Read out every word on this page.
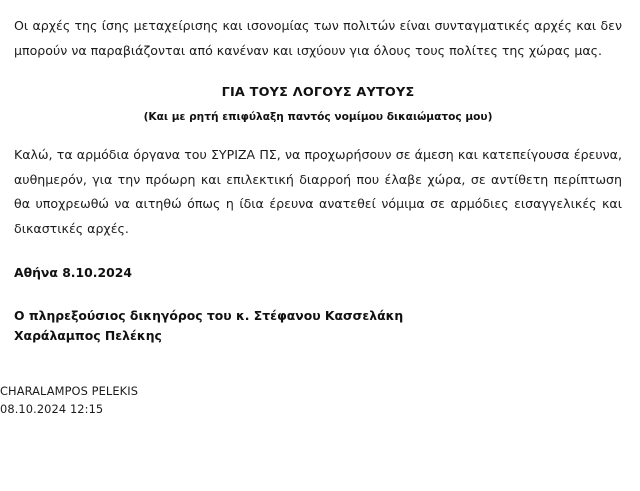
Οι αρχές της ίσης μεταχείρισης και ισονομίας των πολιτών είναι συνταγματικές αρχές και δεν μπορούν να παραβιάζονται από κανέναν και ισχύουν για όλους τους πολίτες της χώρας μας.

ΓΙΑ ΤΟΥΣ ΛΟΓΟΥΣ ΑΥΤΟΥΣ
(Και με ρητή επιφύλαξη παντός νομίμου δικαιώματος μου)

Καλώ, τα αρμόδια όργανα του ΣΥΡΙΖΑ ΠΣ, να προχωρήσουν σε άμεση και κατεπείγουσα έρευνα, αυθημερόν, για την πρόωρη και επιλεκτική διαρροή που έλαβε χώρα, σε αντίθετη περίπτωση θα υποχρεωθώ να αιτηθώ όπως η ίδια έρευνα ανατεθεί νόμιμα σε αρμόδιες εισαγγελικές και δικαστικές αρχές.

Αθήνα 8.10.2024
Ο πληρεξούσιος δικηγόρος του κ. Στέφανου Κασσελάκη
Χαράλαμπος Πελέκης
CHARALAMPOS PELEKIS
08.10.2024 12:15
